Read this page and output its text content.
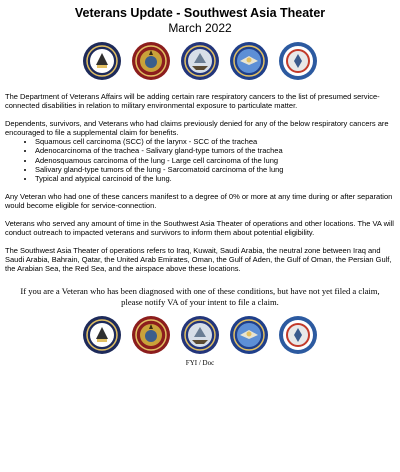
Veterans Update - Southwest Asia Theater
March 2022

The Department of Veterans Affairs will be adding certain rare respiratory cancers to the list of presumed service-connected disabilities in relation to military environmental exposure to particulate matter.

Dependents, survivors, and Veterans who had claims previously denied for any of the below respiratory cancers are encouraged to file a supplemental claim for benefits.

• Squamous cell carcinoma (SCC) of the larynx - SCC of the trachea
• Adenocarcinoma of the trachea - Salivary gland-type tumors of the trachea
• Adenosquamous carcinoma of the lung - Large cell carcinoma of the lung
• Salivary gland-type tumors of the lung - Sarcomatoid carcinoma of the lung
• Typical and atypical carcinoid of the lung.

Any Veteran who had one of these cancers manifest to a degree of 0% or more at any time during or after separation would become eligible for service-connection.

Veterans who served any amount of time in the Southwest Asia Theater of operations and other locations. The VA will conduct outreach to impacted veterans and survivors to inform them about potential eligibility.

The Southwest Asia Theater of operations refers to Iraq, Kuwait, Saudi Arabia, the neutral zone between Iraq and Saudi Arabia, Bahrain, Qatar, the United Arab Emirates, Oman, the Gulf of Aden, the Gulf of Oman, the Persian Gulf, the Arabian Sea, the Red Sea, and the airspace above these locations.

If you are a Veteran who has been diagnosed with one of these conditions, but have not yet filed a claim, please notify VA of your intent to file a claim.
FYI / Doc
